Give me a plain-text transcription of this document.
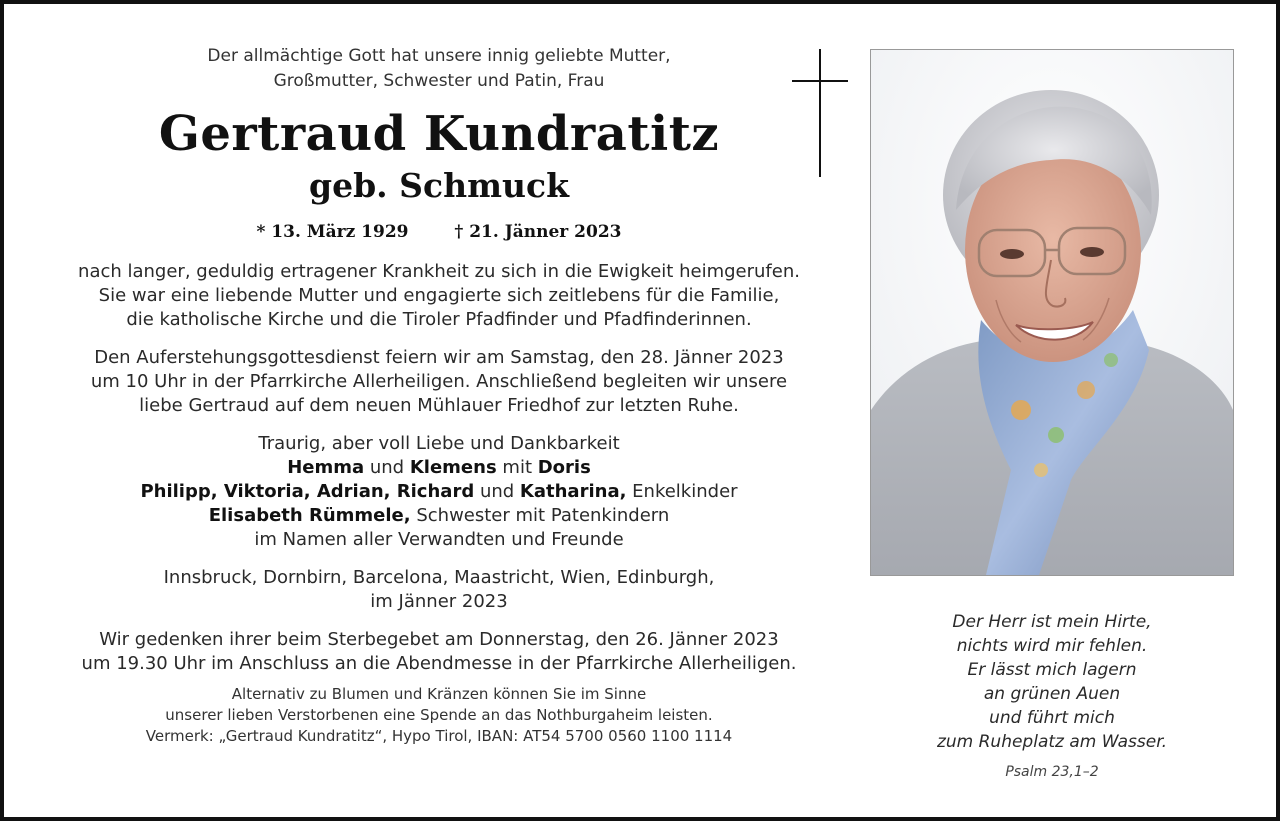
Der allmächtige Gott hat unsere innig geliebte Mutter,
Großmutter, Schwester und Patin, Frau
Gertraud Kundratitz
geb. Schmuck
* 13. März 1929	† 21. Jänner 2023
nach langer, geduldig ertragener Krankheit zu sich in die Ewigkeit heimgerufen.
Sie war eine liebende Mutter und engagierte sich zeitlebens für die Familie,
die katholische Kirche und die Tiroler Pfadfinder und Pfadfinderinnen.
Den Auferstehungsgottesdienst feiern wir am Samstag, den 28. Jänner 2023
um 10 Uhr in der Pfarrkirche Allerheiligen. Anschließend begleiten wir unsere
liebe Gertraud auf dem neuen Mühlauer Friedhof zur letzten Ruhe.
Traurig, aber voll Liebe und Dankbarkeit
Hemma und Klemens mit Doris
Philipp, Viktoria, Adrian, Richard und Katharina, Enkelkinder
Elisabeth Rümmele, Schwester mit Patenkindern
im Namen aller Verwandten und Freunde
Innsbruck, Dornbirn, Barcelona, Maastricht, Wien, Edinburgh,
im Jänner 2023
Wir gedenken ihrer beim Sterbegebet am Donnerstag, den 26. Jänner 2023
um 19.30 Uhr im Anschluss an die Abendmesse in der Pfarrkirche Allerheiligen.
Alternativ zu Blumen und Kränzen können Sie im Sinne
unserer lieben Verstorbenen eine Spende an das Nothburgaheim leisten.
Vermerk: „Gertraud Kundratitz“, Hypo Tirol, IBAN: AT54 5700 0560 1100 1114
Der Herr ist mein Hirte,
nichts wird mir fehlen.
Er lässt mich lagern
an grünen Auen
und führt mich
zum Ruheplatz am Wasser.
Psalm 23,1–2
